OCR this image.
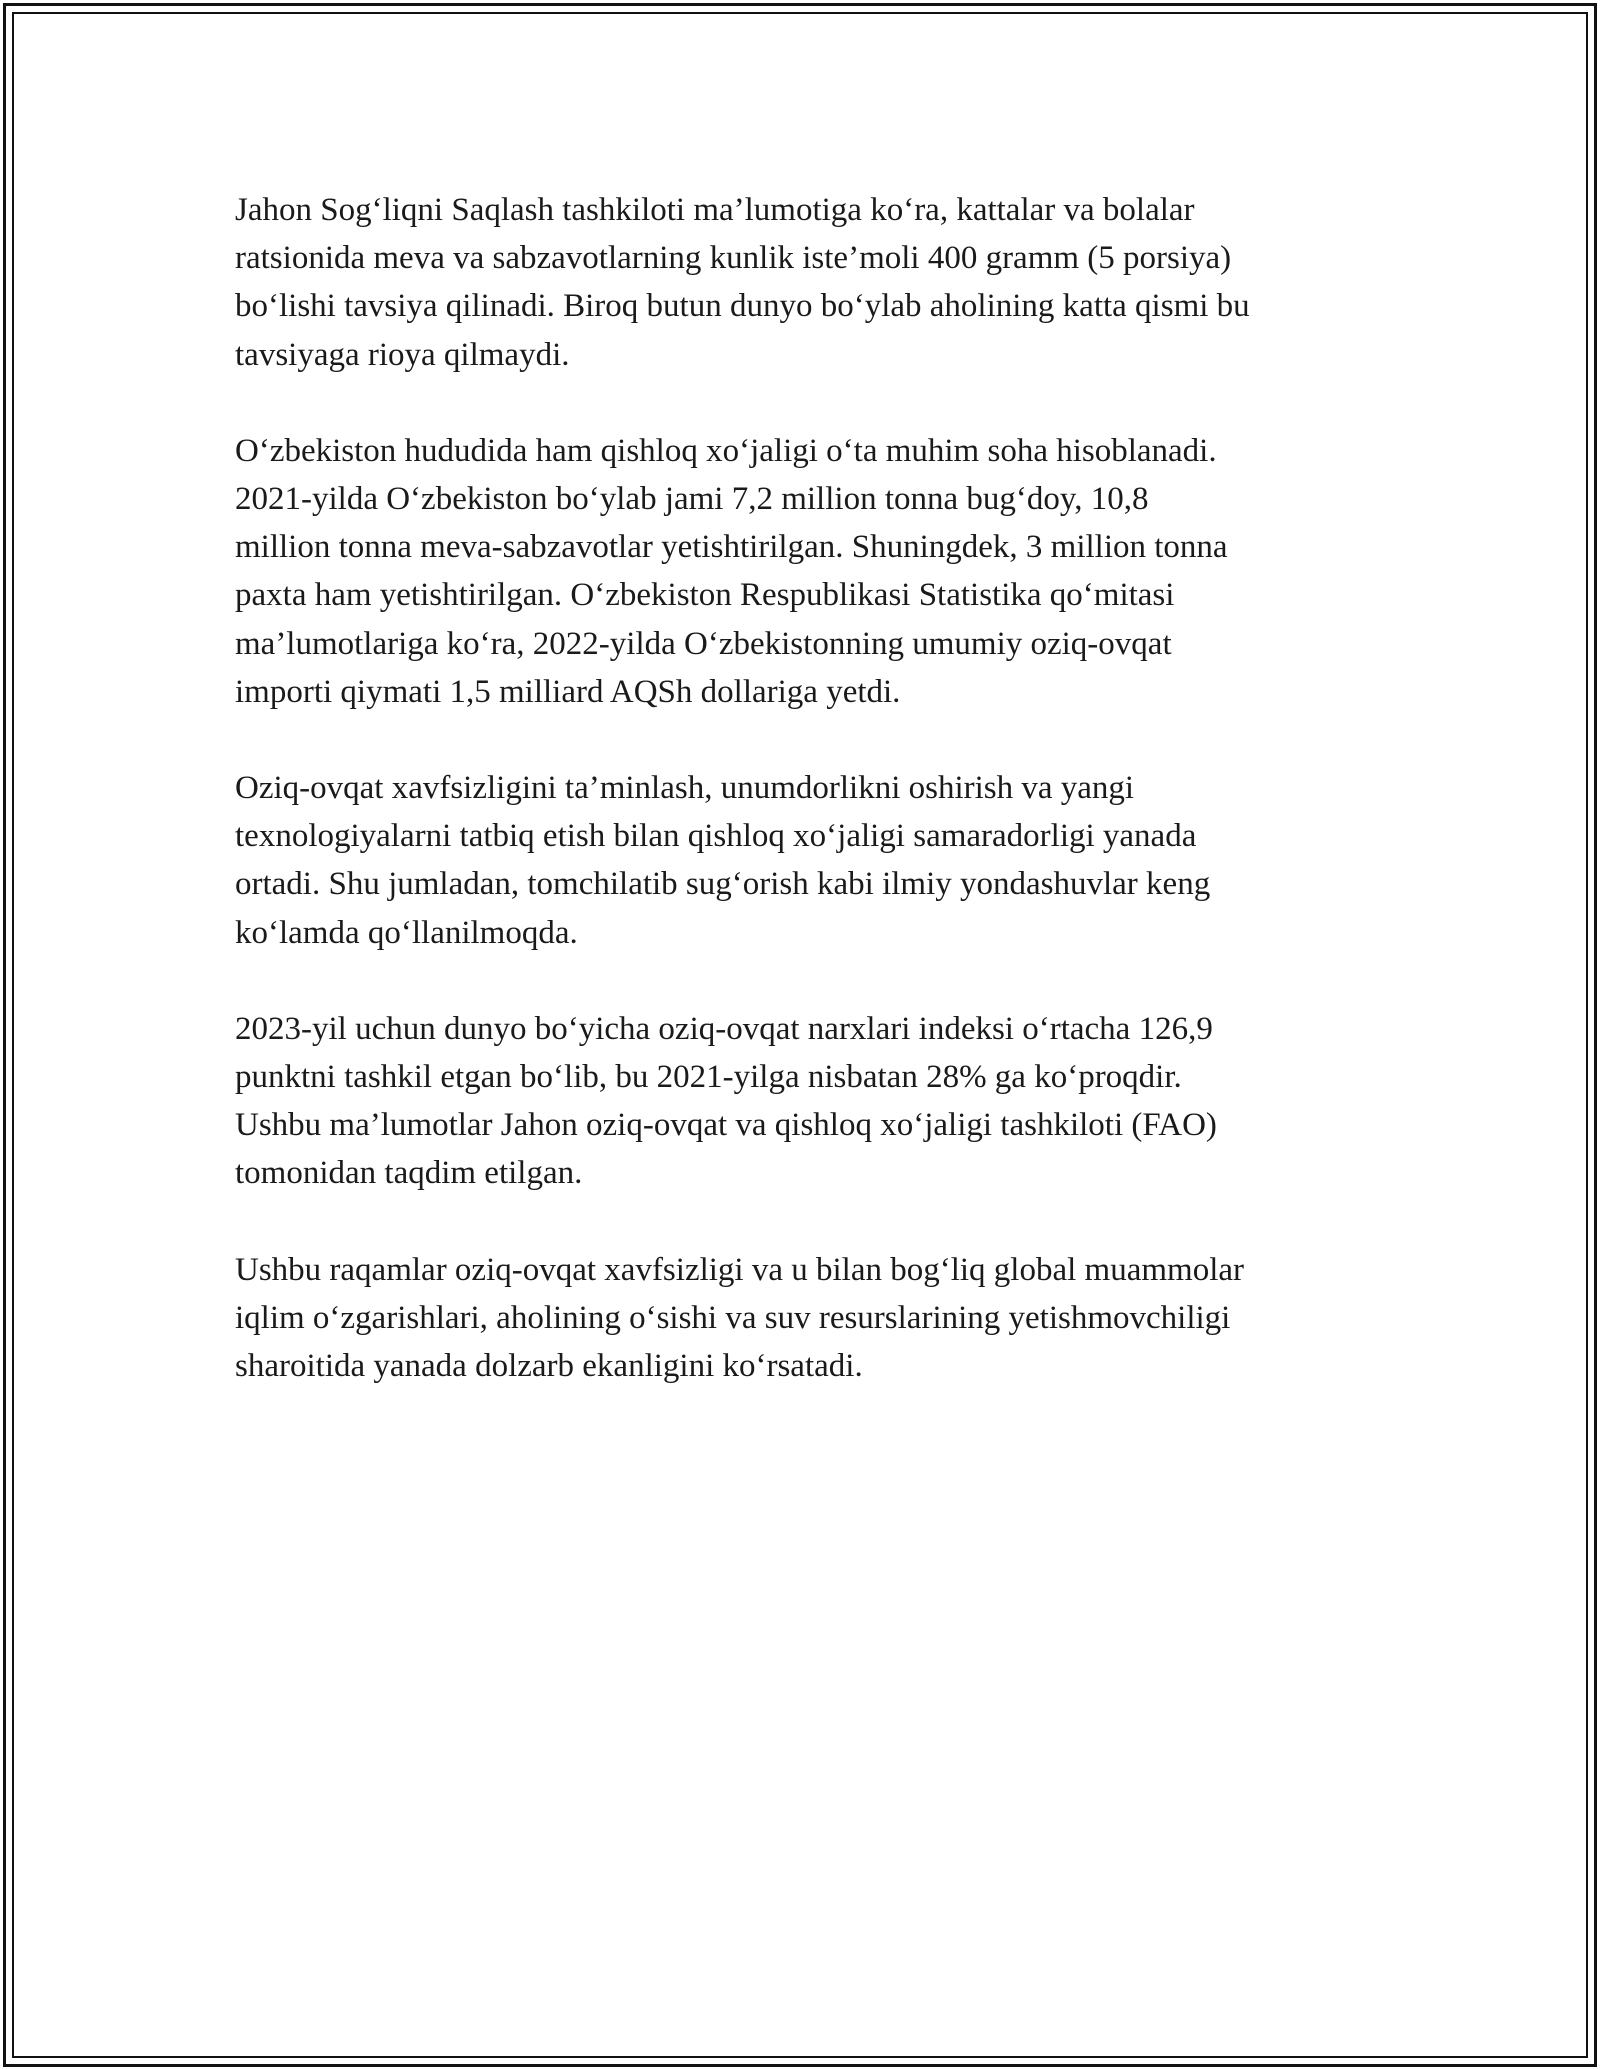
Jahon Sog‘liqni Saqlash tashkiloti ma’lumotiga ko‘ra, kattalar va bolalar
ratsionida meva va sabzavotlarning kunlik iste’moli 400 gramm (5 porsiya)
bo‘lishi tavsiya qilinadi. Biroq butun dunyo bo‘ylab aholining katta qismi bu
tavsiyaga rioya qilmaydi.

O‘zbekiston hududida ham qishloq xo‘jaligi o‘ta muhim soha hisoblanadi.
2021-yilda O‘zbekiston bo‘ylab jami 7,2 million tonna bug‘doy, 10,8
million tonna meva-sabzavotlar yetishtirilgan. Shuningdek, 3 million tonna
paxta ham yetishtirilgan. O‘zbekiston Respublikasi Statistika qo‘mitasi
ma’lumotlariga ko‘ra, 2022-yilda O‘zbekistonning umumiy oziq-ovqat
importi qiymati 1,5 milliard AQSh dollariga yetdi.

Oziq-ovqat xavfsizligini ta’minlash, unumdorlikni oshirish va yangi
texnologiyalarni tatbiq etish bilan qishloq xo‘jaligi samaradorligi yanada
ortadi. Shu jumladan, tomchilatib sug‘orish kabi ilmiy yondashuvlar keng
ko‘lamda qo‘llanilmoqda.

2023-yil uchun dunyo bo‘yicha oziq-ovqat narxlari indeksi o‘rtacha 126,9
punktni tashkil etgan bo‘lib, bu 2021-yilga nisbatan 28% ga ko‘proqdir.
Ushbu ma’lumotlar Jahon oziq-ovqat va qishloq xo‘jaligi tashkiloti (FAO)
tomonidan taqdim etilgan.

Ushbu raqamlar oziq-ovqat xavfsizligi va u bilan bog‘liq global muammolar
iqlim o‘zgarishlari, aholining o‘sishi va suv resurslarining yetishmovchiligi
sharoitida yanada dolzarb ekanligini ko‘rsatadi.
